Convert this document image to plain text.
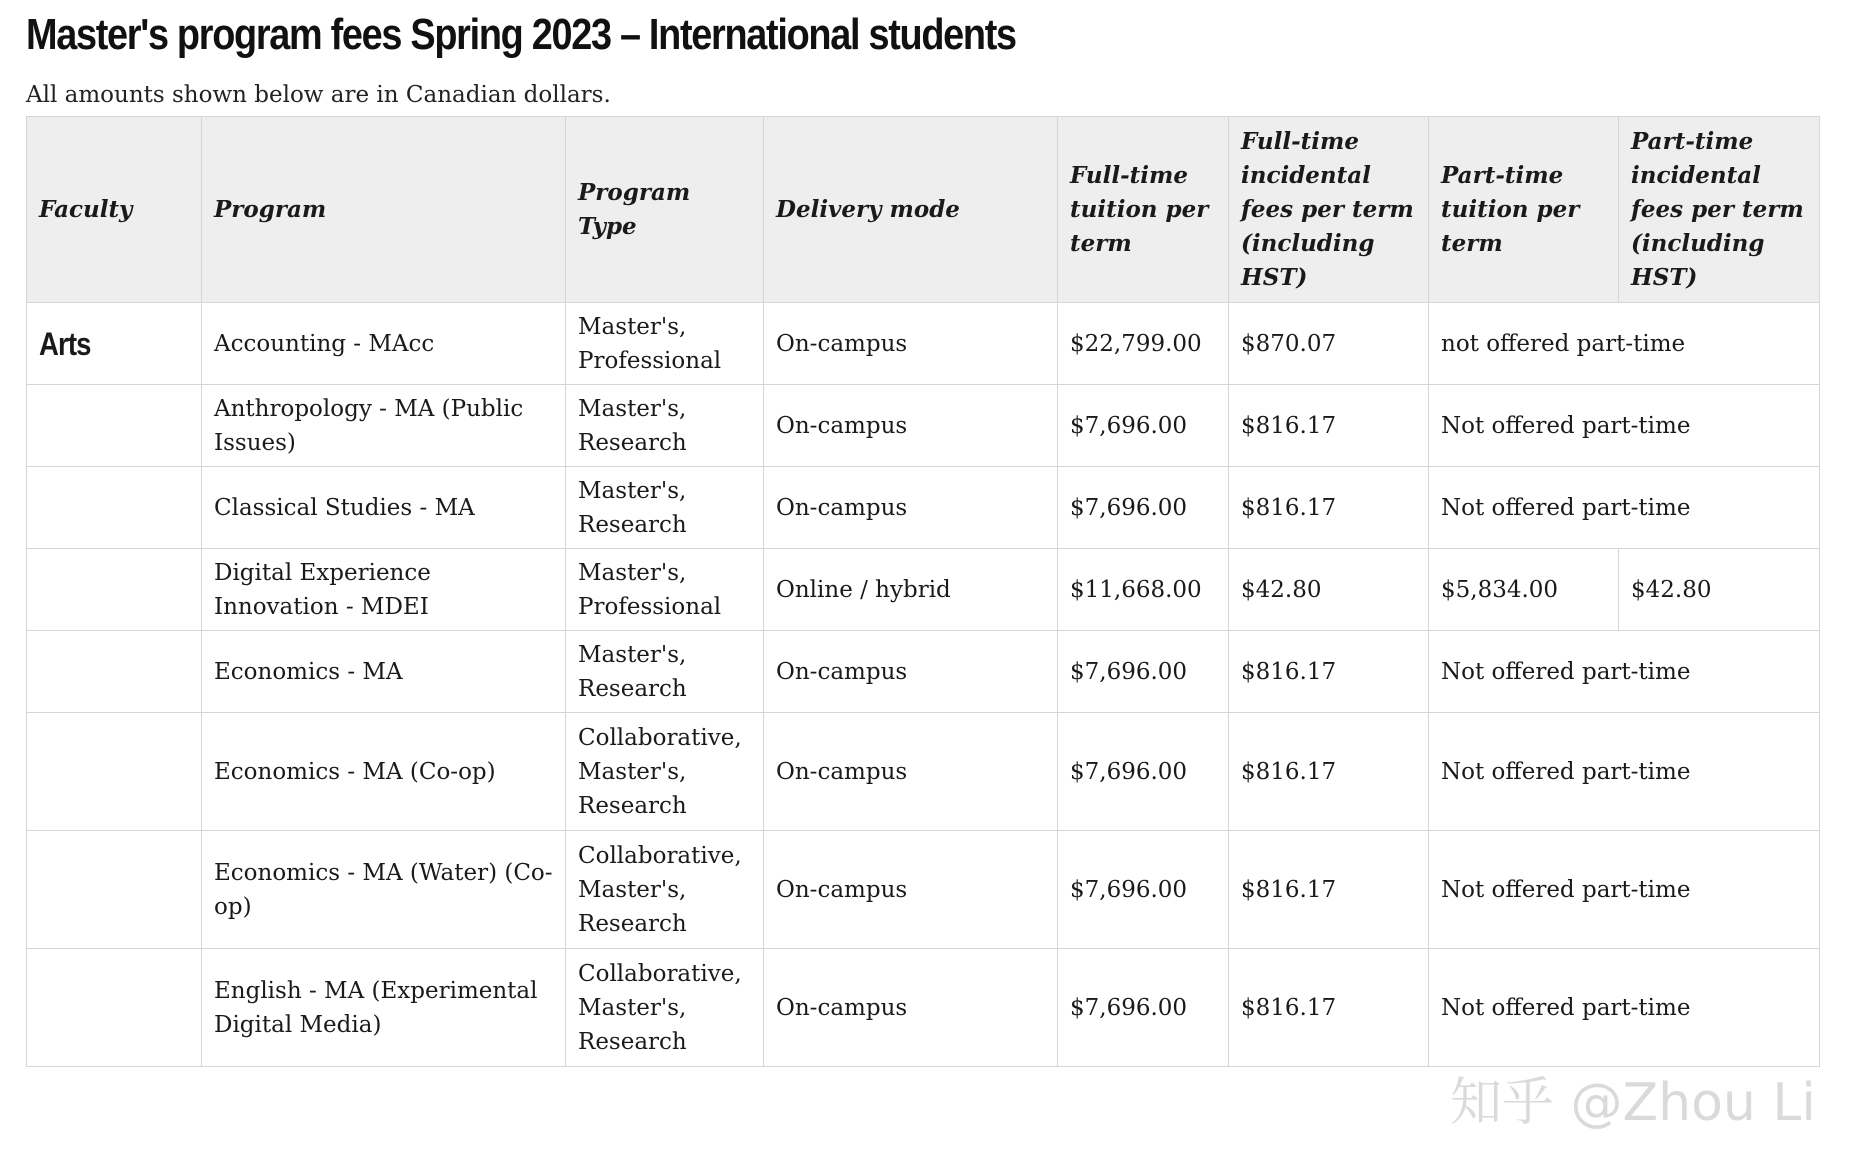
Master's program fees Spring 2023 – International students

All amounts shown below are in Canadian dollars.

Faculty	Program	Program Type	Delivery mode	Full-time tuition per term	Full-time incidental fees per term (including HST)	Part-time tuition per term	Part-time incidental fees per term (including HST)
Arts	Accounting - MAcc	Master's, Professional	On-campus	$22,799.00	$870.07	not offered part-time	
	Anthropology - MA (Public Issues)	Master's, Research	On-campus	$7,696.00	$816.17	Not offered part-time	
	Classical Studies - MA	Master's, Research	On-campus	$7,696.00	$816.17	Not offered part-time	
	Digital Experience Innovation - MDEI	Master's, Professional	Online / hybrid	$11,668.00	$42.80	$5,834.00	$42.80
	Economics - MA	Master's, Research	On-campus	$7,696.00	$816.17	Not offered part-time	
	Economics - MA (Co-op)	Collaborative, Master's, Research	On-campus	$7,696.00	$816.17	Not offered part-time	
	Economics - MA (Water) (Co-op)	Collaborative, Master's, Research	On-campus	$7,696.00	$816.17	Not offered part-time	
	English - MA (Experimental Digital Media)	Collaborative, Master's, Research	On-campus	$7,696.00	$816.17	Not offered part-time	
知乎 @Zhou Li
